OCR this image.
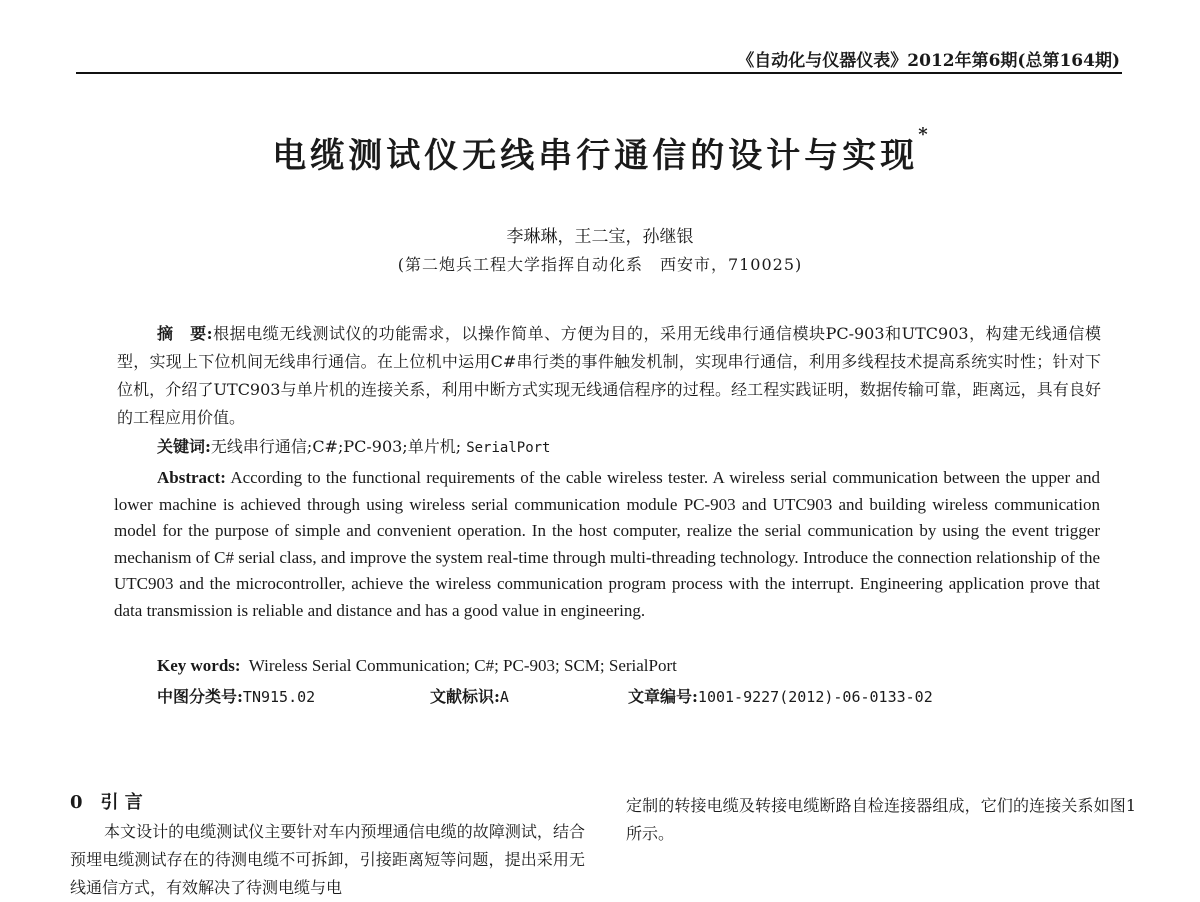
《自动化与仪器仪表》2012年第6期(总第164期)
电缆测试仪无线串行通信的设计与实现*
李琳琳，王二宝，孙继银
(第二炮兵工程大学指挥自动化系　西安市，710025)
摘　要:根据电缆无线测试仪的功能需求，以操作简单、方便为目的，采用无线串行通信模块PC-903和UTC903，构建无线通信模型，实现上下位机间无线串行通信。在上位机中运用C#串行类的事件触发机制，实现串行通信，利用多线程技术提高系统实时性；针对下位机，介绍了UTC903与单片机的连接关系，利用中断方式实现无线通信程序的过程。经工程实践证明，数据传输可靠，距离远，具有良好的工程应用价值。
关键词:无线串行通信;C#;PC-903;单片机; SerialPort
Abstract: According to the functional requirements of the cable wireless tester. A wireless serial communication between the upper and lower machine is achieved through using wireless serial communication module PC-903 and UTC903 and building wireless communication model for the purpose of simple and convenient operation. In the host computer, realize the serial communication by using the event trigger mechanism of C# serial class, and improve the system real-time through multi-threading technology. Introduce the connection relationship of the UTC903 and the microcontroller, achieve the wireless communication program process with the interrupt. Engineering application prove that data transmission is reliable and distance and has a good value in engineering.
Key words: Wireless Serial Communication; C#; PC-903; SCM; SerialPort
中图分类号:TN915.02	文献标识:A	文章编号:1001-9227(2012)-06-0133-02
0　引 言
本文设计的电缆测试仪主要针对车内预埋通信电缆的故障测试，结合预埋电缆测试存在的待测电缆不可拆卸，引接距离短等问题，提出采用无线通信方式，有效解决了待测电缆与电
定制的转接电缆及转接电缆断路自检连接器组成，它们的连接关系如图1所示。
